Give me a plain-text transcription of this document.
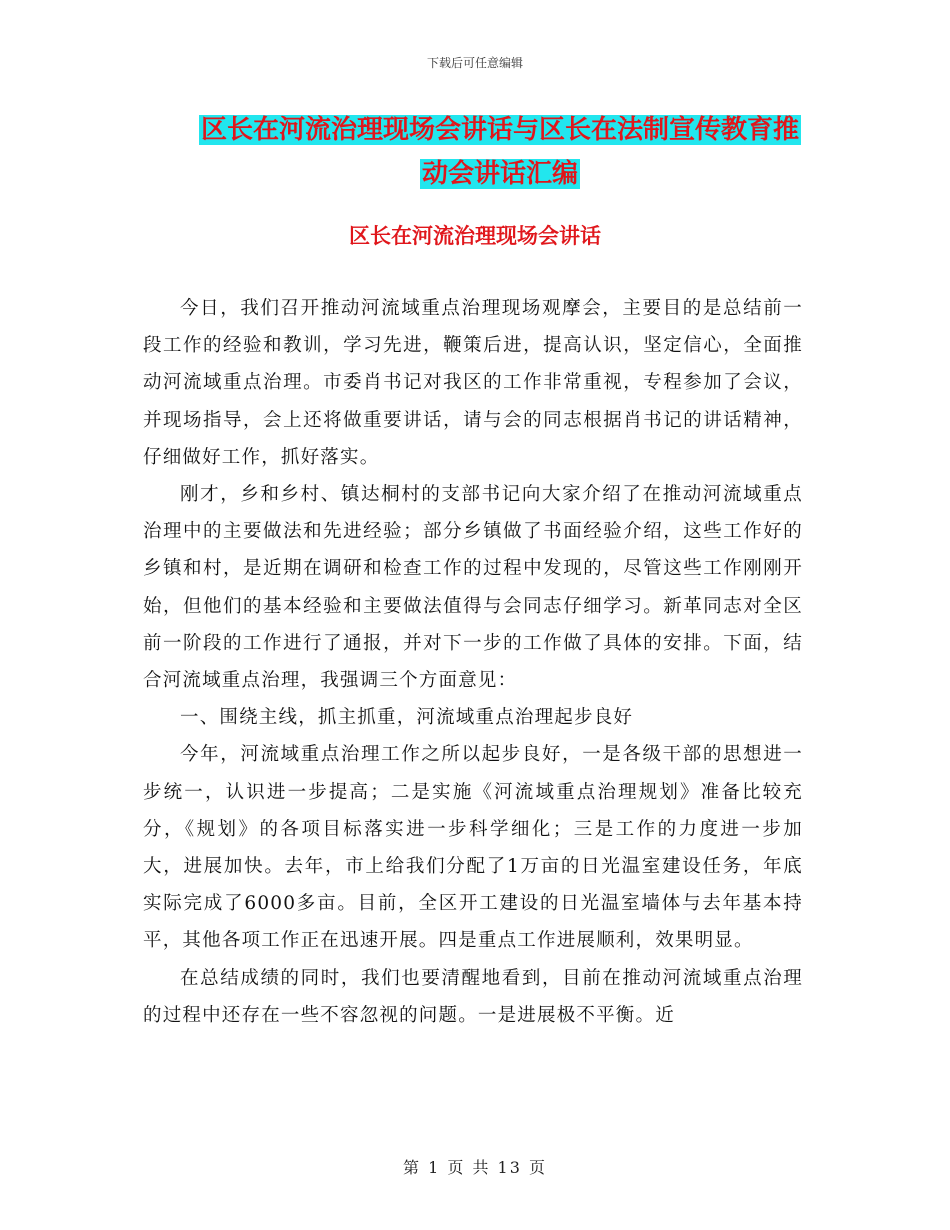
下载后可任意编辑
区长在河流治理现场会讲话与区长在法制宣传教育推
动会讲话汇编
区长在河流治理现场会讲话

今日，我们召开推动河流域重点治理现场观摩会，主要目的是总结前一段工作的经验和教训，学习先进，鞭策后进，提高认识，坚定信心，全面推动河流域重点治理。市委肖书记对我区的工作非常重视，专程参加了会议，并现场指导，会上还将做重要讲话，请与会的同志根据肖书记的讲话精神，仔细做好工作，抓好落实。

刚才，乡和乡村、镇达桐村的支部书记向大家介绍了在推动河流域重点治理中的主要做法和先进经验；部分乡镇做了书面经验介绍，这些工作好的乡镇和村，是近期在调研和检查工作的过程中发现的，尽管这些工作刚刚开始，但他们的基本经验和主要做法值得与会同志仔细学习。新革同志对全区前一阶段的工作进行了通报，并对下一步的工作做了具体的安排。下面，结合河流域重点治理，我强调三个方面意见：

一、围绕主线，抓主抓重，河流域重点治理起步良好

今年，河流域重点治理工作之所以起步良好，一是各级干部的思想进一步统一，认识进一步提高；二是实施《河流域重点治理规划》准备比较充分，《规划》的各项目标落实进一步科学细化；三是工作的力度进一步加大，进展加快。去年，市上给我们分配了1万亩的日光温室建设任务，年底实际完成了6000多亩。目前，全区开工建设的日光温室墙体与去年基本持平，其他各项工作正在迅速开展。四是重点工作进展顺利，效果明显。

在总结成绩的同时，我们也要清醒地看到，目前在推动河流域重点治理的过程中还存在一些不容忽视的问题。一是进展极不平衡。近

第 1 页 共 13 页
